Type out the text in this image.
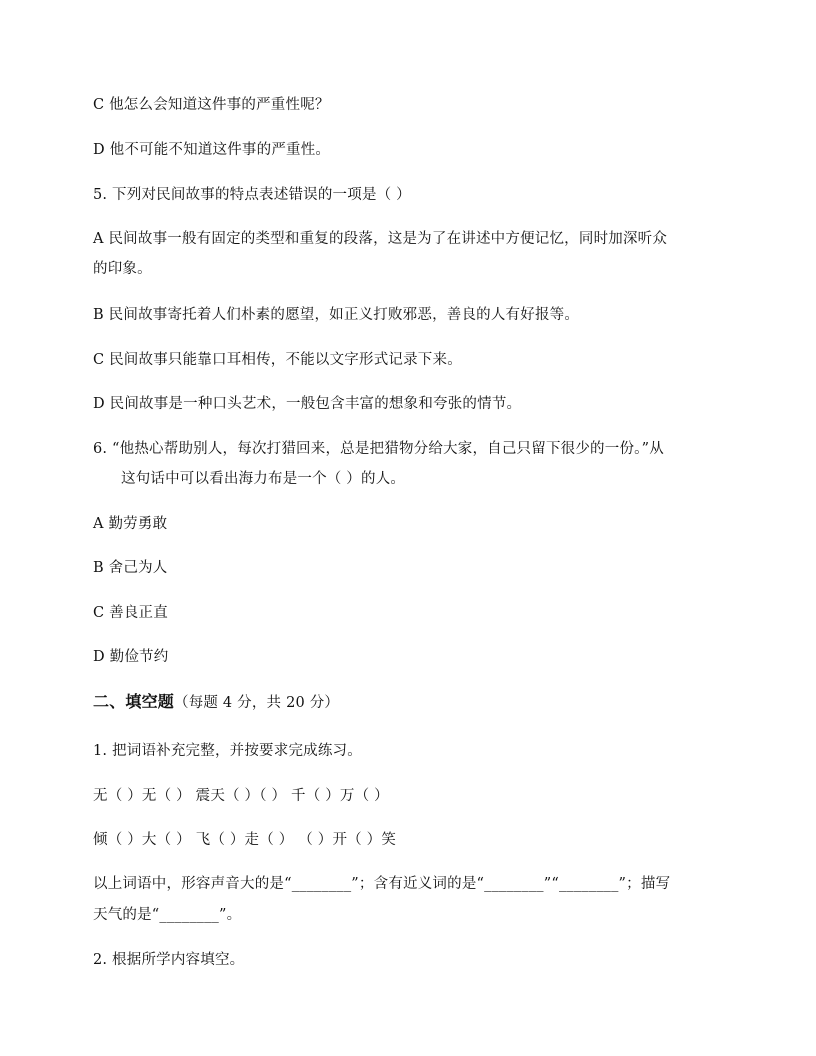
C 他怎么会知道这件事的严重性呢？
D 他不可能不知道这件事的严重性。
5. 下列对民间故事的特点表述错误的一项是（ ）
A 民间故事一般有固定的类型和重复的段落，这是为了在讲述中方便记忆，同时加深听众
的印象。
B 民间故事寄托着人们朴素的愿望，如正义打败邪恶，善良的人有好报等。
C 民间故事只能靠口耳相传，不能以文字形式记录下来。
D 民间故事是一种口头艺术，一般包含丰富的想象和夸张的情节。
6. “他热心帮助别人，每次打猎回来，总是把猎物分给大家，自己只留下很少的一份。”从
这句话中可以看出海力布是一个（ ）的人。
A 勤劳勇敢
B 舍己为人
C 善良正直
D 勤俭节约
二、填空题（每题 4 分，共 20 分）
1. 把词语补充完整，并按要求完成练习。
无（ ）无（ ） 震天（ ）（ ） 千（ ）万（ ）
倾（ ）大（ ） 飞（ ）走（ ） （ ）开（ ）笑
以上词语中，形容声音大的是“________”；含有近义词的是“________”“________”；描写
天气的是“________”。
2. 根据所学内容填空。
